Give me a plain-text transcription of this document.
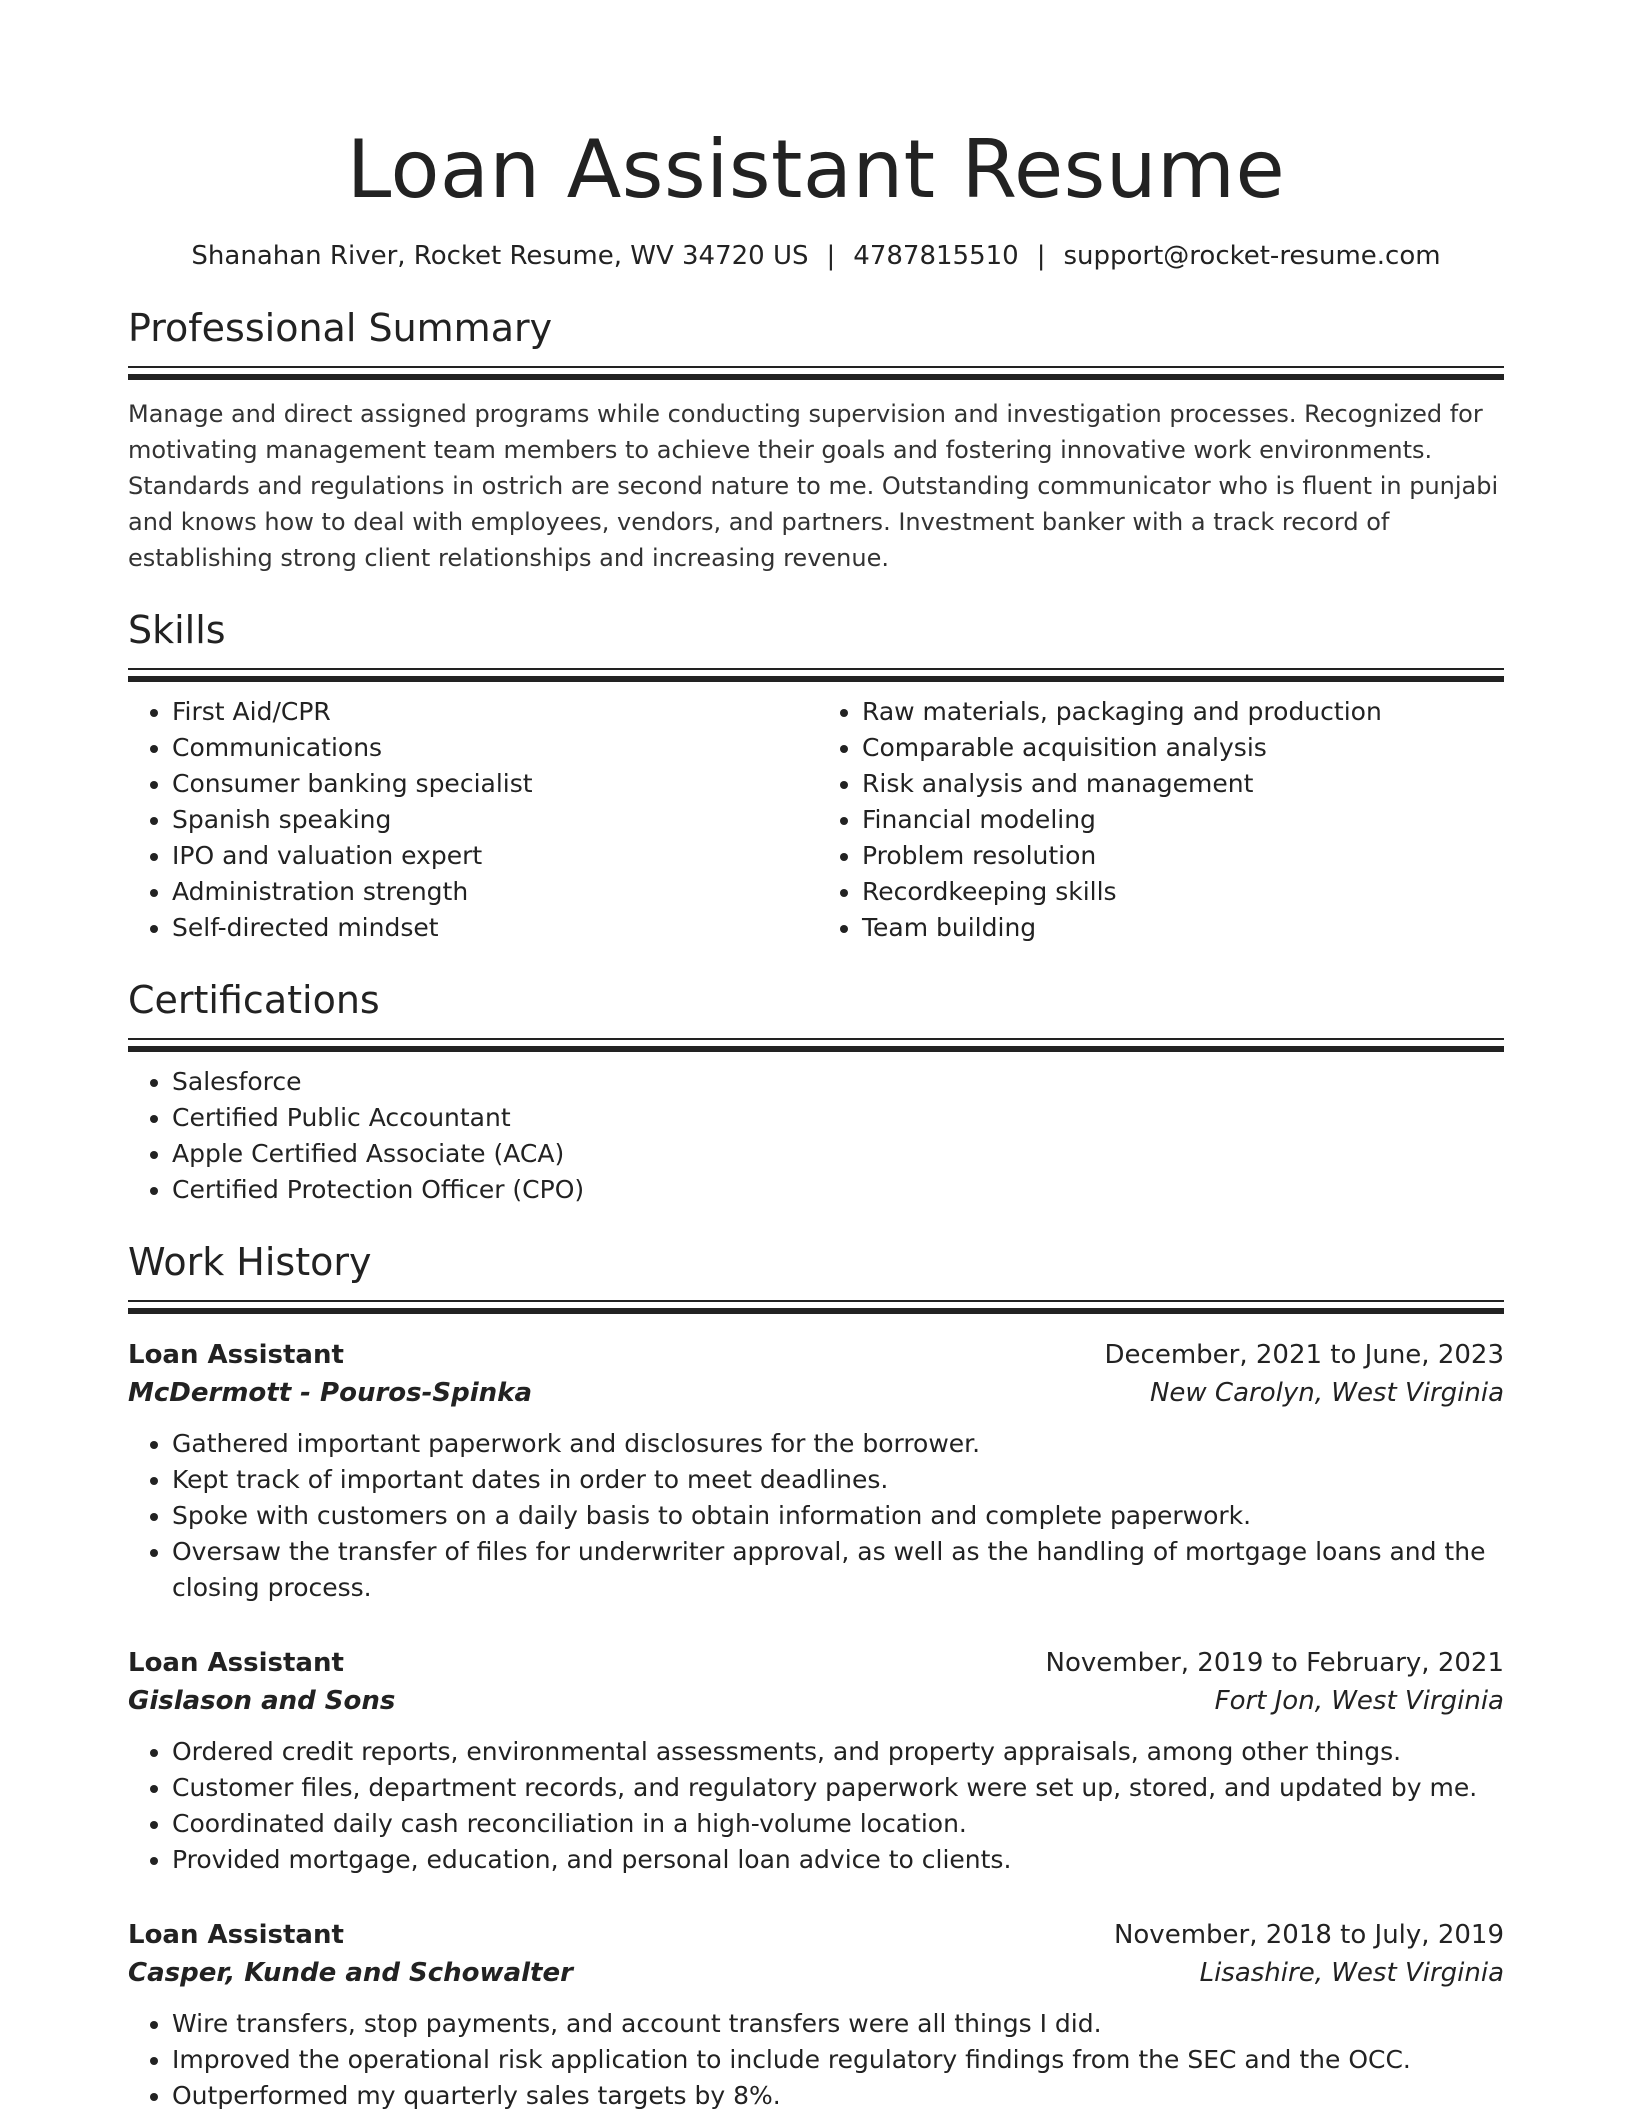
Loan Assistant Resume
Shanahan River, Rocket Resume, WV 34720 US | 4787815510 | support@rocket-resume.com
Professional Summary

Manage and direct assigned programs while conducting supervision and investigation processes. Recognized for motivating management team members to achieve their goals and fostering innovative work environments. Standards and regulations in ostrich are second nature to me. Outstanding communicator who is fluent in punjabi and knows how to deal with employees, vendors, and partners. Investment banker with a track record of establishing strong client relationships and increasing revenue.

Skills
• First Aid/CPR
• Communications
• Consumer banking specialist
• Spanish speaking
• IPO and valuation expert
• Administration strength
• Self-directed mindset
• Raw materials, packaging and production
• Comparable acquisition analysis
• Risk analysis and management
• Financial modeling
• Problem resolution
• Recordkeeping skills
• Team building
Certifications
• Salesforce
• Certified Public Accountant
• Apple Certified Associate (ACA)
• Certified Protection Officer (CPO)
Work History
Loan Assistant	December, 2021 to June, 2023
McDermott - Pouros-Spinka	New Carolyn, West Virginia
• Gathered important paperwork and disclosures for the borrower.
• Kept track of important dates in order to meet deadlines.
• Spoke with customers on a daily basis to obtain information and complete paperwork.
• Oversaw the transfer of files for underwriter approval, as well as the handling of mortgage loans and the closing process.
Loan Assistant	November, 2019 to February, 2021
Gislason and Sons	Fort Jon, West Virginia
• Ordered credit reports, environmental assessments, and property appraisals, among other things.
• Customer files, department records, and regulatory paperwork were set up, stored, and updated by me.
• Coordinated daily cash reconciliation in a high-volume location.
• Provided mortgage, education, and personal loan advice to clients.
Loan Assistant	November, 2018 to July, 2019
Casper, Kunde and Schowalter	Lisashire, West Virginia
• Wire transfers, stop payments, and account transfers were all things I did.
• Improved the operational risk application to include regulatory findings from the SEC and the OCC.
• Outperformed my quarterly sales targets by 8%.
